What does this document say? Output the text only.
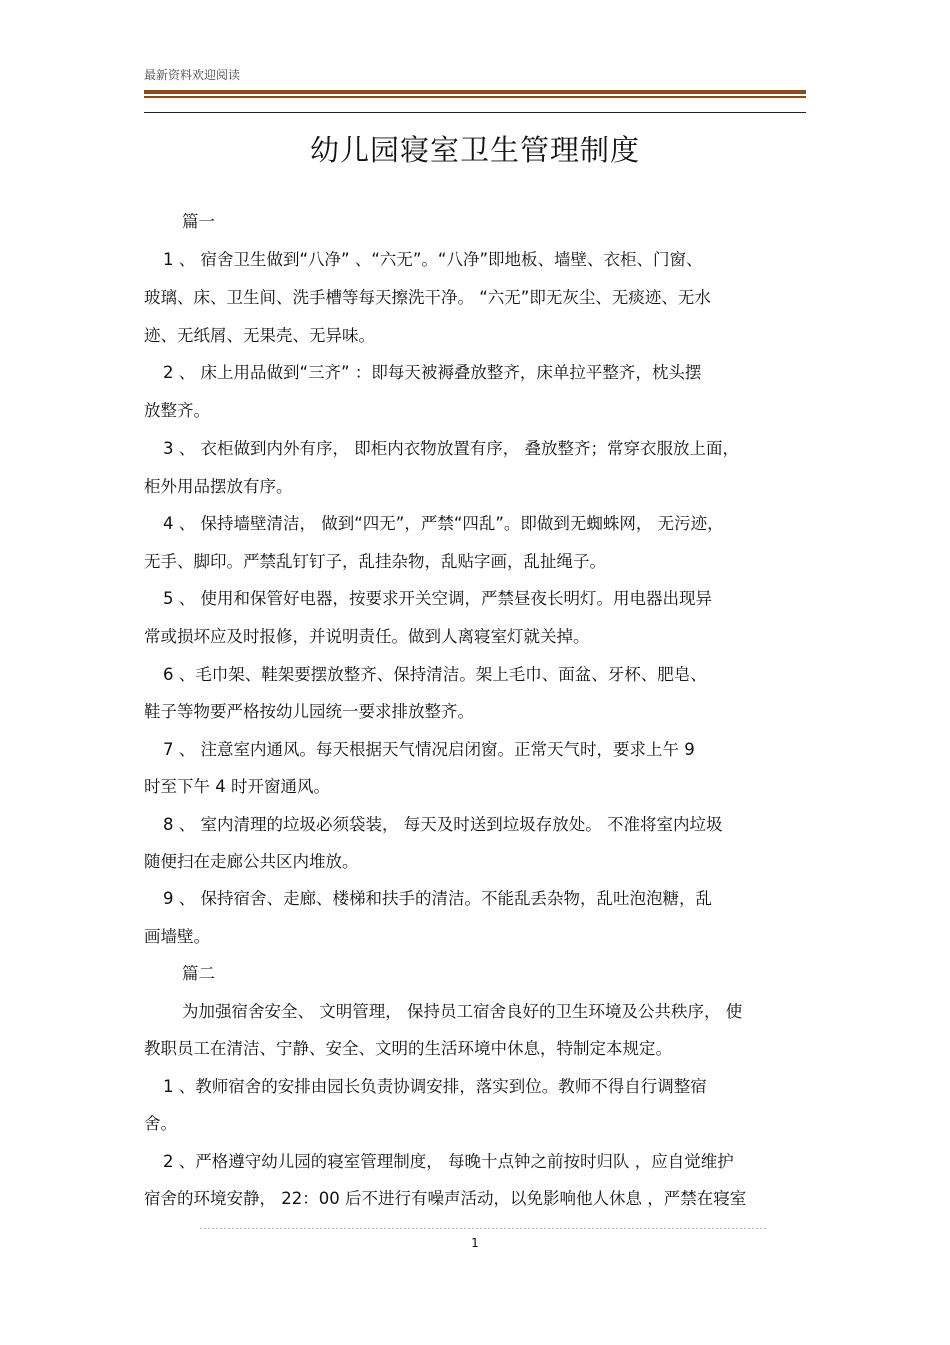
最新资料欢迎阅读
幼儿园寝室卫生管理制度
篇一
1 、 宿舍卫生做到“八净” 、“六无”。“八净”即地板、墙壁、衣柜、门窗、
玻璃、床、卫生间、洗手槽等每天擦洗干净。 “六无”即无灰尘、无痰迹、无水
迹、无纸屑、无果壳、无异味。
2 、 床上用品做到“三齐” ：即每天被褥叠放整齐，床单拉平整齐，枕头摆
放整齐。
3 、 衣柜做到内外有序， 即柜内衣物放置有序， 叠放整齐；常穿衣服放上面，
柜外用品摆放有序。
4 、 保持墙壁清洁， 做到“四无”，严禁“四乱”。即做到无蜘蛛网， 无污迹，
无手、脚印。严禁乱钉钉子，乱挂杂物，乱贴字画，乱扯绳子。
5 、 使用和保管好电器，按要求开关空调，严禁昼夜长明灯。用电器出现异
常或损坏应及时报修，并说明责任。做到人离寝室灯就关掉。
6 、毛巾架、鞋架要摆放整齐、保持清洁。架上毛巾、面盆、牙杯、肥皂、
鞋子等物要严格按幼儿园统一要求排放整齐。
7 、 注意室内通风。每天根据天气情况启闭窗。正常天气时，要求上午 9
时至下午 4 时开窗通风。
8 、 室内清理的垃圾必须袋装， 每天及时送到垃圾存放处。 不准将室内垃圾
随便扫在走廊公共区内堆放。
9 、 保持宿舍、走廊、楼梯和扶手的清洁。不能乱丢杂物，乱吐泡泡糖，乱
画墙壁。
篇二
为加强宿舍安全、 文明管理， 保持员工宿舍良好的卫生环境及公共秩序， 使
教职员工在清洁、宁静、安全、文明的生活环境中休息，特制定本规定。
1 、教师宿舍的安排由园长负责协调安排，落实到位。教师不得自行调整宿
舍。
2 、严格遵守幼儿园的寝室管理制度， 每晚十点钟之前按时归队 ，应自觉维护
宿舍的环境安静， 22：00 后不进行有噪声活动，以免影响他人休息 ，严禁在寝室
1
